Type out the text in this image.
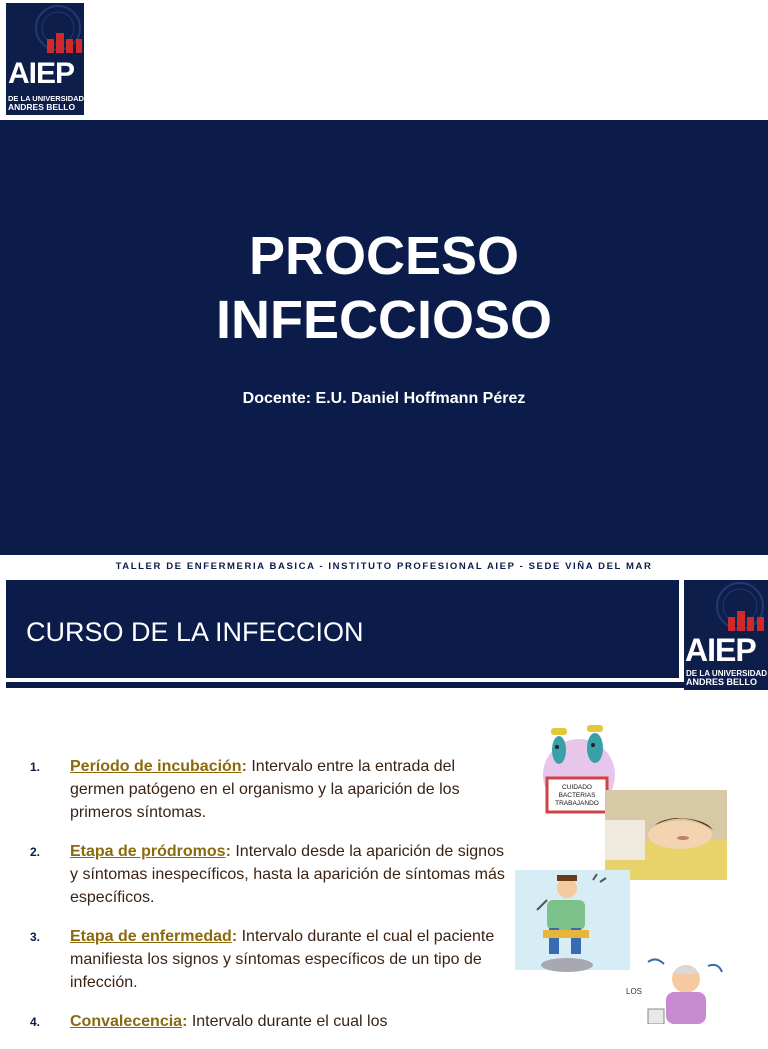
AIEP
DE LA UNIVERSIDAD
ANDRES BELLO
PROCESO
INFECCIOSO
Docente: E.U. Daniel Hoffmann Pérez
TALLER DE ENFERMERIA BASICA - INSTITUTO PROFESIONAL AIEP - SEDE VIÑA DEL MAR
CURSO DE LA INFECCION	AIEP
DE LA UNIVERSIDAD
ANDRES BELLO
1. Período de incubación: Intervalo entre la entrada del germen patógeno en el organismo y la aparición de los primeros síntomas.
2. Etapa de pródromos: Intervalo desde la aparición de signos y síntomas inespecíficos, hasta la aparición de síntomas más específicos.
3. Etapa de enfermedad: Intervalo durante el cual el paciente manifiesta los signos y síntomas específicos de un tipo de infección.
4. Convalecencia: Intervalo durante el cual los
CUIDADO
BACTERIAS
TRABAJANDO
LOS
